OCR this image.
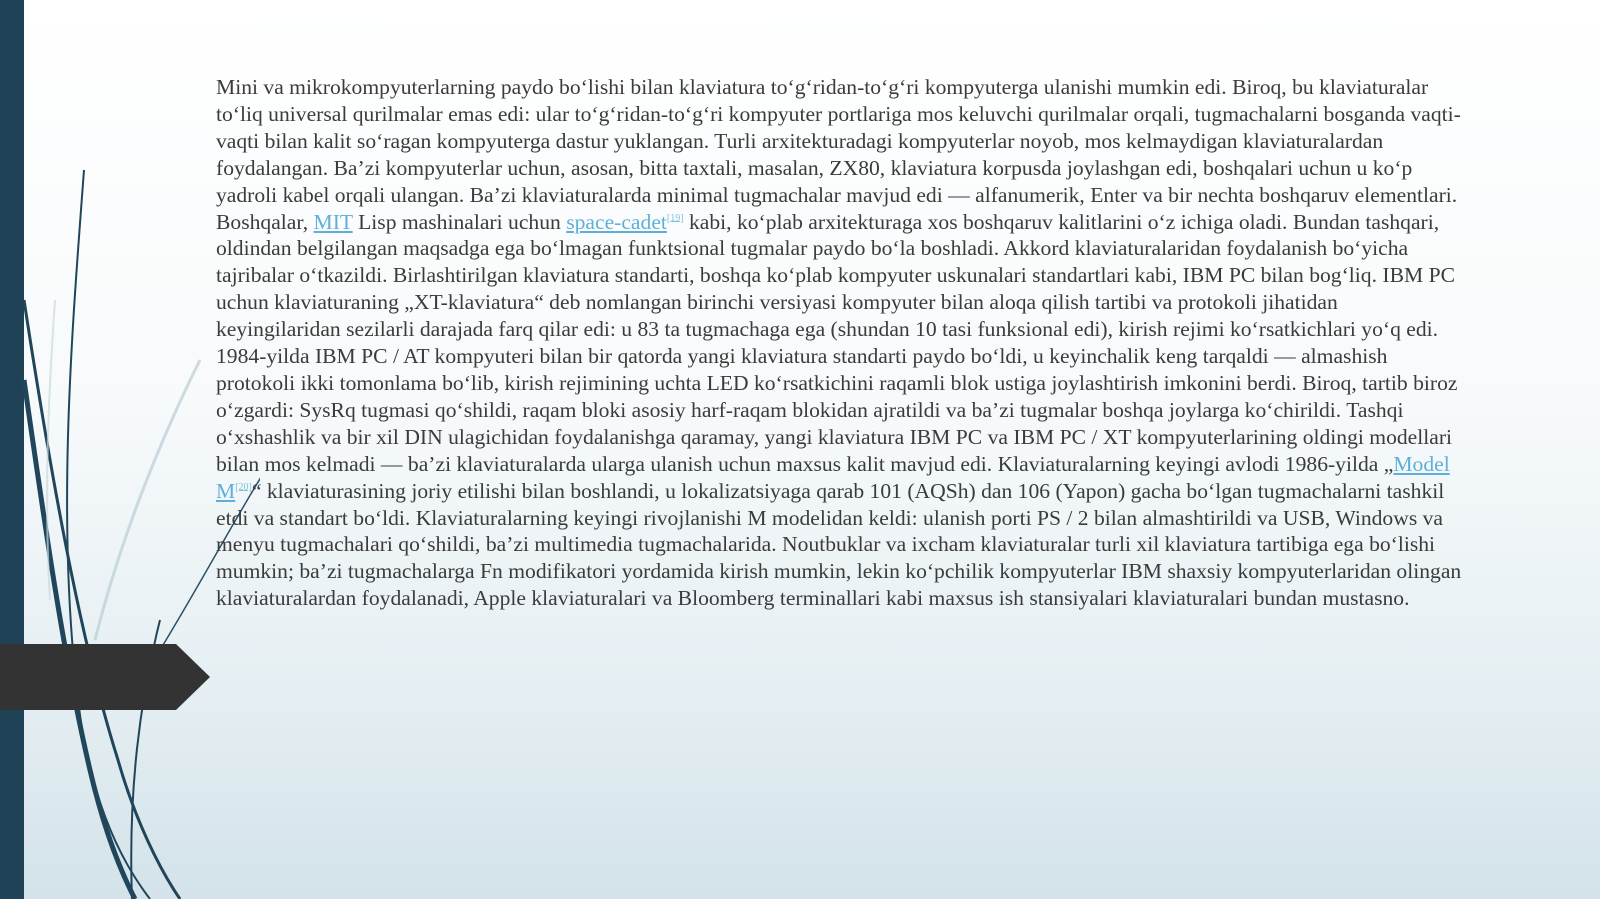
Mini va mikrokompyuterlarning paydo bo‘lishi bilan klaviatura to‘g‘ridan-to‘g‘ri kompyuterga ulanishi mumkin edi. Biroq, bu klaviaturalar to‘liq universal qurilmalar emas edi: ular to‘g‘ridan-to‘g‘ri kompyuter portlariga mos keluvchi qurilmalar orqali, tugmachalarni bosganda vaqti-vaqti bilan kalit so‘ragan kompyuterga dastur yuklangan. Turli arxitekturadagi kompyuterlar noyob, mos kelmaydigan klaviaturalardan foydalangan. Ba’zi kompyuterlar uchun, asosan, bitta taxtali, masalan, ZX80, klaviatura korpusda joylashgan edi, boshqalari uchun u ko‘p yadroli kabel orqali ulangan. Ba’zi klaviaturalarda minimal tugmachalar mavjud edi — alfanumerik, Enter va bir nechta boshqaruv elementlari. Boshqalar, MIT Lisp mashinalari uchun space-cadet[19] kabi, ko‘plab arxitekturaga xos boshqaruv kalitlarini o‘z ichiga oladi. Bundan tashqari, oldindan belgilangan maqsadga ega bo‘lmagan funktsional tugmalar paydo bo‘la boshladi. Akkord klaviaturalaridan foydalanish bo‘yicha tajribalar o‘tkazildi. Birlashtirilgan klaviatura standarti, boshqa ko‘plab kompyuter uskunalari standartlari kabi, IBM PC bilan bog‘liq. IBM PC uchun klaviaturaning „XT-klaviatura“ deb nomlangan birinchi versiyasi kompyuter bilan aloqa qilish tartibi va protokoli jihatidan keyingilaridan sezilarli darajada farq qilar edi: u 83 ta tugmachaga ega (shundan 10 tasi funksional edi), kirish rejimi ko‘rsatkichlari yo‘q edi. 1984-yilda IBM PC / AT kompyuteri bilan bir qatorda yangi klaviatura standarti paydo bo‘ldi, u keyinchalik keng tarqaldi — almashish protokoli ikki tomonlama bo‘lib, kirish rejimining uchta LED ko‘rsatkichini raqamli blok ustiga joylashtirish imkonini berdi. Biroq, tartib biroz o‘zgardi: SysRq tugmasi qo‘shildi, raqam bloki asosiy harf-raqam blokidan ajratildi va ba’zi tugmalar boshqa joylarga ko‘chirildi. Tashqi o‘xshashlik va bir xil DIN ulagichidan foydalanishga qaramay, yangi klaviatura IBM PC va IBM PC / XT kompyuterlarining oldingi modellari bilan mos kelmadi — ba’zi klaviaturalarda ularga ulanish uchun maxsus kalit mavjud edi. Klaviaturalarning keyingi avlodi 1986-yilda „Model M[20]“ klaviaturasining joriy etilishi bilan boshlandi, u lokalizatsiyaga qarab 101 (AQSh) dan 106 (Yapon) gacha bo‘lgan tugmachalarni tashkil etdi va standart bo‘ldi. Klaviaturalarning keyingi rivojlanishi M modelidan keldi: ulanish porti PS / 2 bilan almashtirildi va USB, Windows va menyu tugmachalari qo‘shildi, ba’zi multimedia tugmachalarida. Noutbuklar va ixcham klaviaturalar turli xil klaviatura tartibiga ega bo‘lishi mumkin; ba’zi tugmachalarga Fn modifikatori yordamida kirish mumkin, lekin ko‘pchilik kompyuterlar IBM shaxsiy kompyuterlaridan olingan klaviaturalardan foydalanadi, Apple klaviaturalari va Bloomberg terminallari kabi maxsus ish stansiyalari klaviaturalari bundan mustasno.
